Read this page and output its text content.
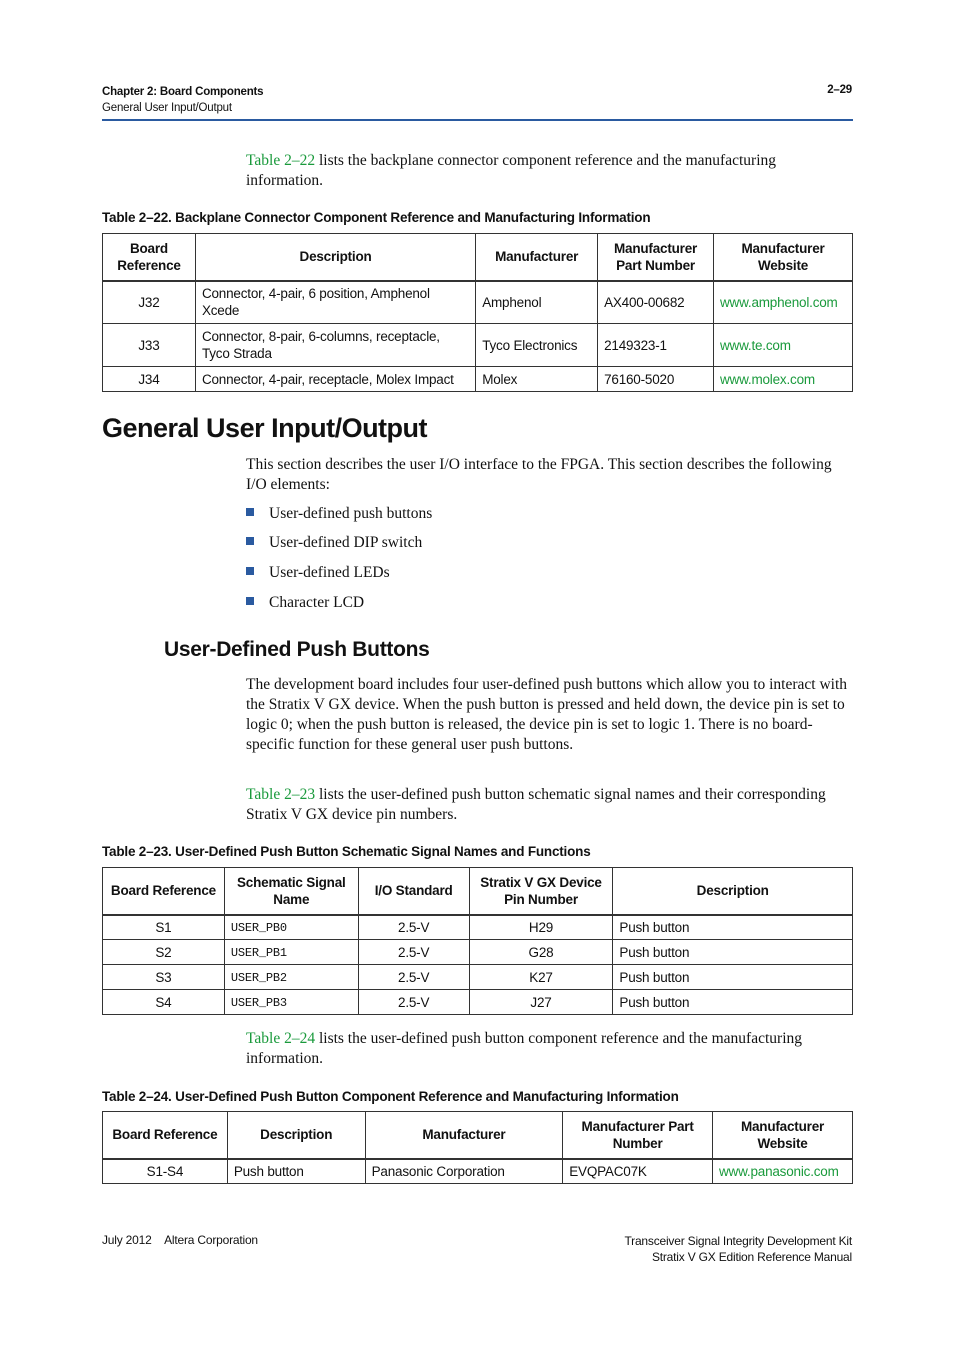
Chapter 2: Board Components
General User Input/Output
2–29
Table 2–22 lists the backplane connector component reference and the manufacturing information.
Table 2–22. Backplane Connector Component Reference and Manufacturing Information
Board Reference	Description	Manufacturer	Manufacturer Part Number	Manufacturer Website
J32	Connector, 4-pair, 6 position, Amphenol Xcede	Amphenol	AX400-00682	www.amphenol.com
J33	Connector, 8-pair, 6-columns, receptacle, Tyco Strada	Tyco Electronics	2149323-1	www.te.com
J34	Connector, 4-pair, receptacle, Molex Impact	Molex	76160-5020	www.molex.com
General User Input/Output
This section describes the user I/O interface to the FPGA. This section describes the following I/O elements:
User-defined push buttons
User-defined DIP switch
User-defined LEDs
Character LCD
User-Defined Push Buttons
The development board includes four user-defined push buttons which allow you to interact with the Stratix V GX device. When the push button is pressed and held down, the device pin is set to logic 0; when the push button is released, the device pin is set to logic 1. There is no board-specific function for these general user push buttons.
Table 2–23 lists the user-defined push button schematic signal names and their corresponding Stratix V GX device pin numbers.
Table 2–23. User-Defined Push Button Schematic Signal Names and Functions
Board Reference	Schematic Signal Name	I/O Standard	Stratix V GX Device Pin Number	Description
S1	USER_PB0	2.5-V	H29	Push button
S2	USER_PB1	2.5-V	G28	Push button
S3	USER_PB2	2.5-V	K27	Push button
S4	USER_PB3	2.5-V	J27	Push button
Table 2–24 lists the user-defined push button component reference and the manufacturing information.
Table 2–24. User-Defined Push Button Component Reference and Manufacturing Information
Board Reference	Description	Manufacturer	Manufacturer Part Number	Manufacturer Website
S1-S4	Push button	Panasonic Corporation	EVQPAC07K	www.panasonic.com
July 2012 Altera Corporation	Transceiver Signal Integrity Development Kit
Stratix V GX Edition Reference Manual
